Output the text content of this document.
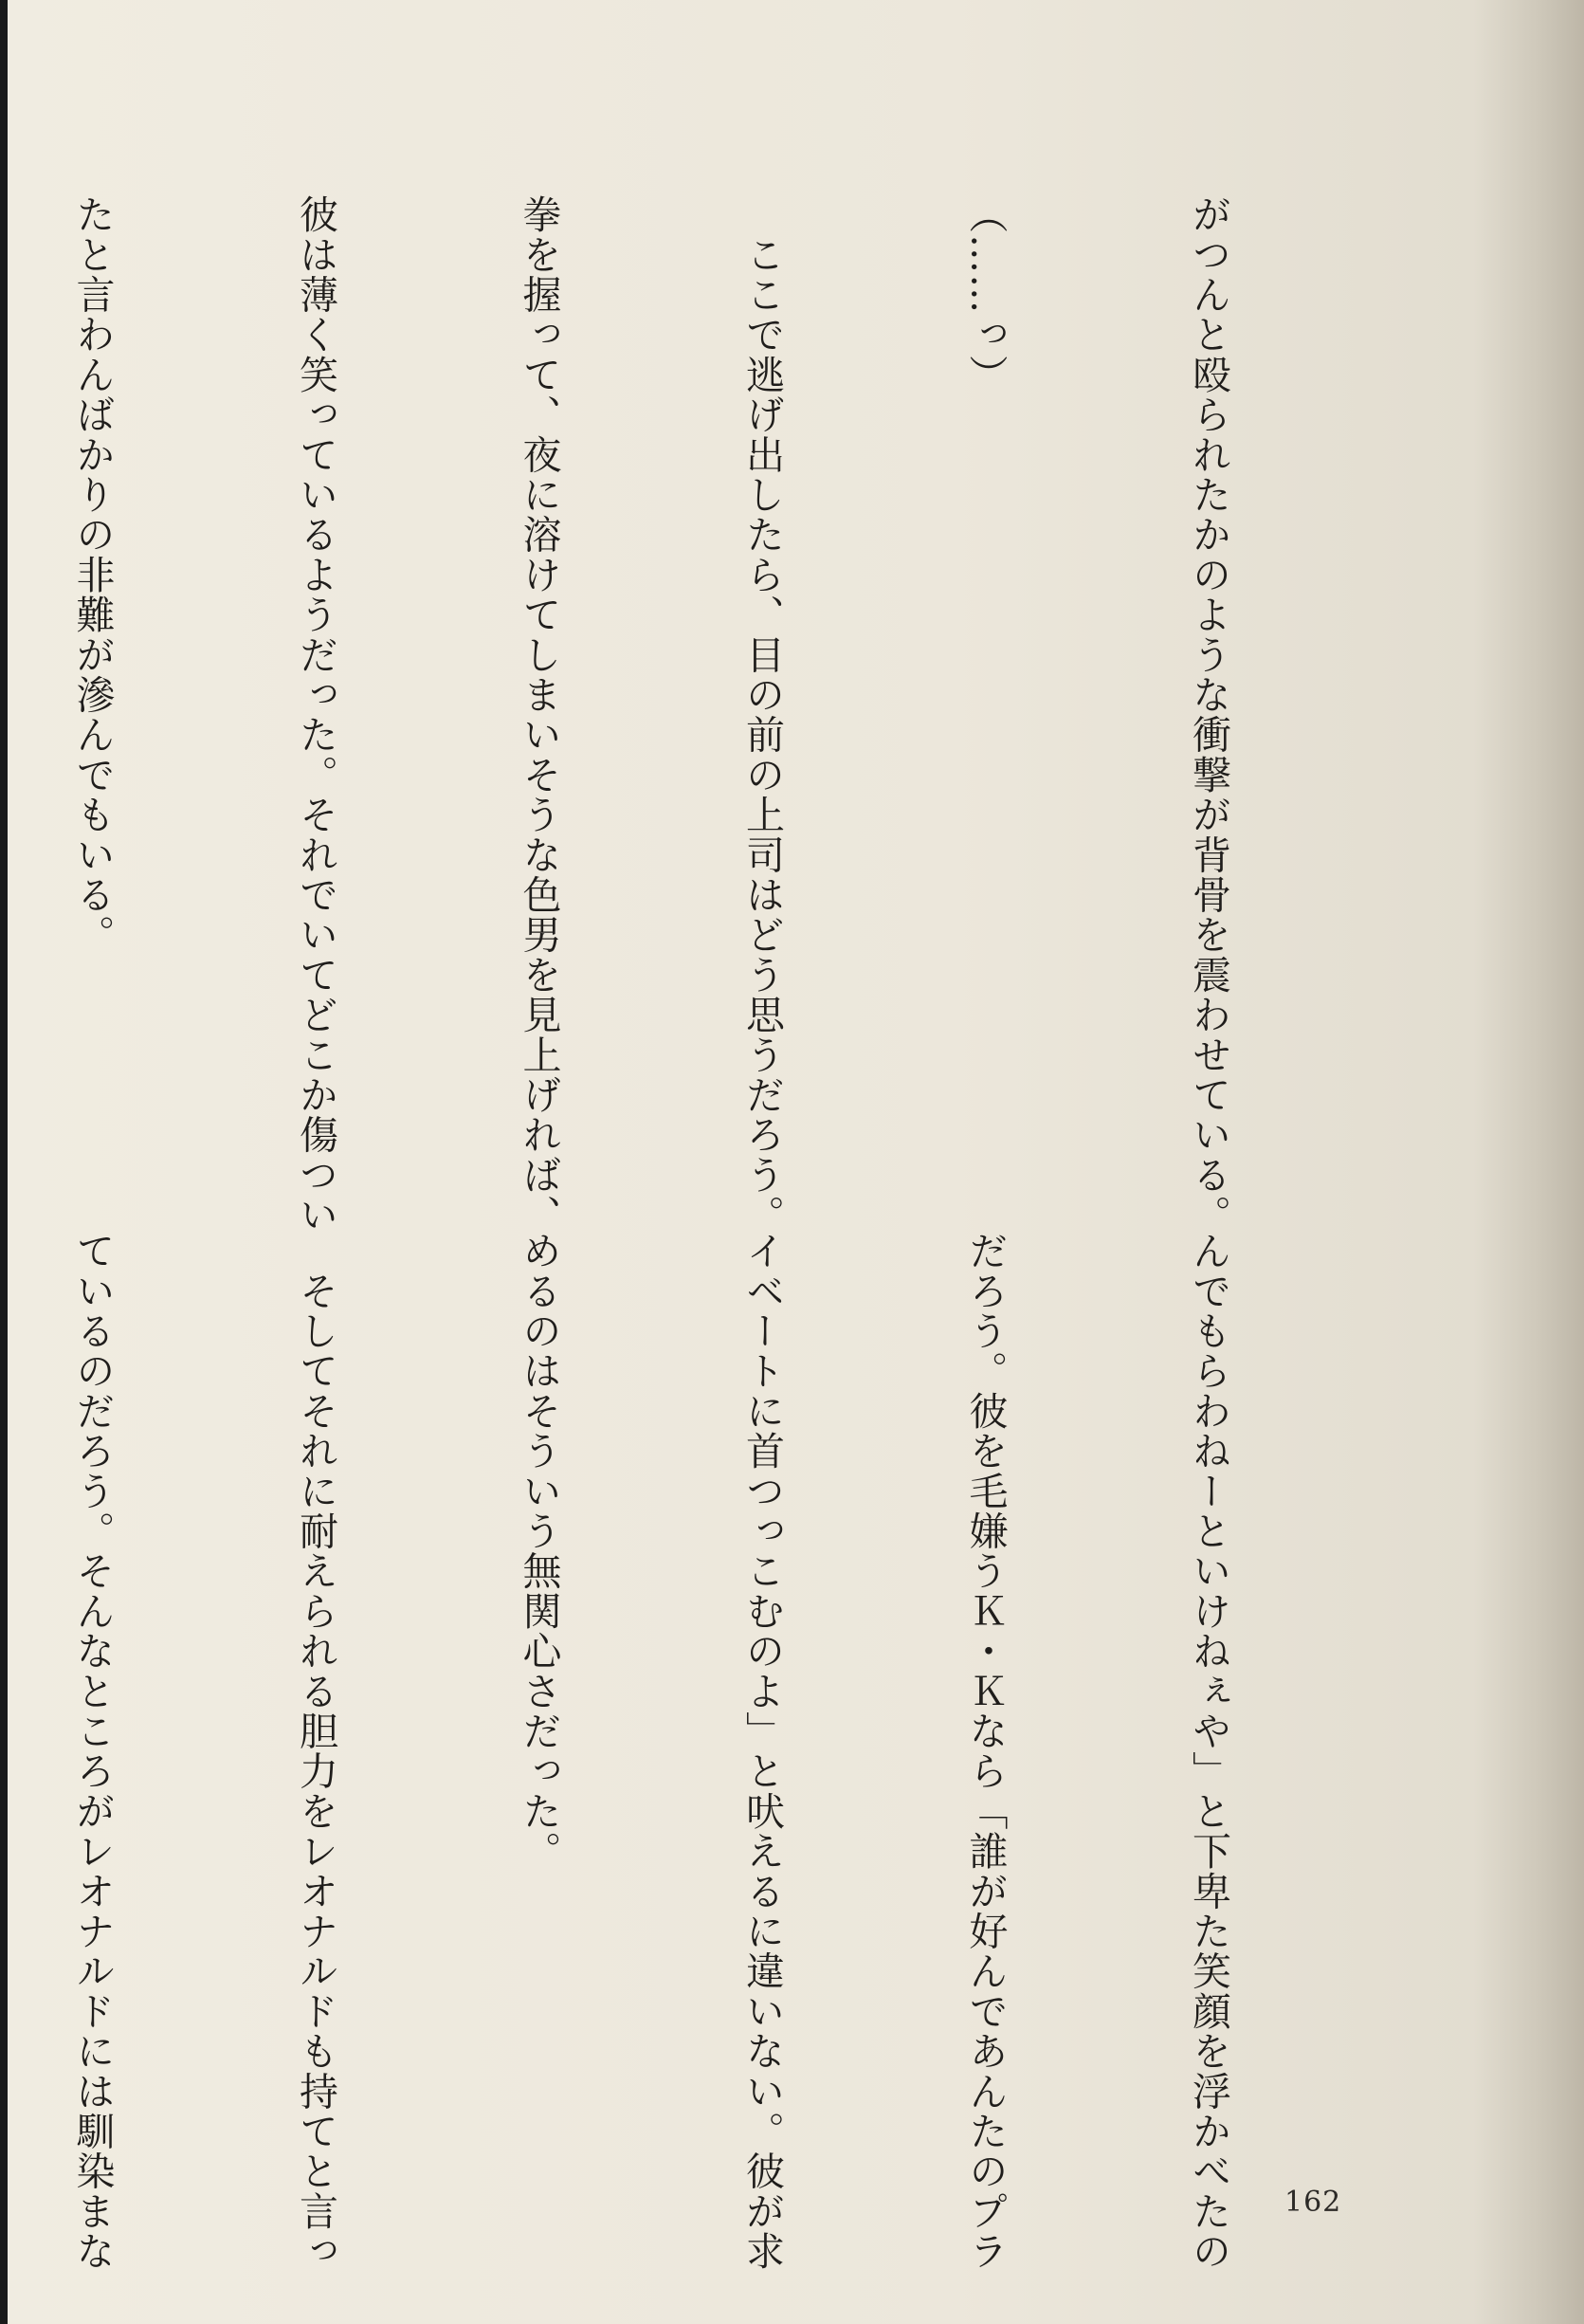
がつんと殴られたかのような衝撃が背骨を震わせている。

（……っ）

　ここで逃げ出したら、目の前の上司はどう思うだろう。

拳を握って、夜に溶けてしまいそうな色男を見上げれば、

彼は薄く笑っているようだった。それでいてどこか傷つい

たと言わんばかりの非難が滲んでもいる。

んでもらわねーといけねぇや」と下卑た笑顔を浮かべたの

だろう。彼を毛嫌うＫ・Ｋなら「誰が好んであんたのプラ

イベートに首つっこむのよ」と吠えるに違いない。彼が求

めるのはそういう無関心さだった。

　そしてそれに耐えられる胆力をレオナルドも持てと言っ

ているのだろう。そんなところがレオナルドには馴染まな

	162
